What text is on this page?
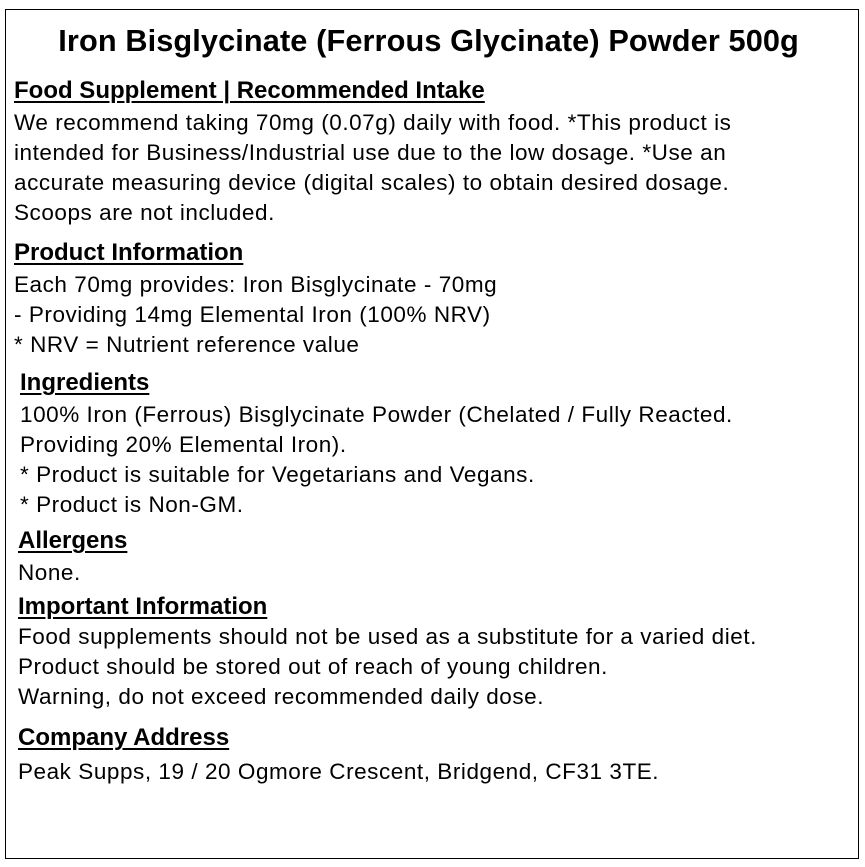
Iron Bisglycinate (Ferrous Glycinate) Powder 500g
Food Supplement | Recommended Intake
We recommend taking 70mg (0.07g) daily with food. *This product is
intended for Business/Industrial use due to the low dosage. *Use an
accurate measuring device (digital scales) to obtain desired dosage.
Scoops are not included.
Product Information
Each 70mg provides: Iron Bisglycinate - 70mg
- Providing 14mg Elemental Iron (100% NRV)
* NRV = Nutrient reference value
Ingredients
100% Iron (Ferrous) Bisglycinate Powder (Chelated / Fully Reacted.
Providing 20% Elemental Iron).
* Product is suitable for Vegetarians and Vegans.
* Product is Non-GM.
Allergens
None.
Important Information
Food supplements should not be used as a substitute for a varied diet.
Product should be stored out of reach of young children.
Warning, do not exceed recommended daily dose.
Company Address
Peak Supps, 19 / 20 Ogmore Crescent, Bridgend, CF31 3TE.
